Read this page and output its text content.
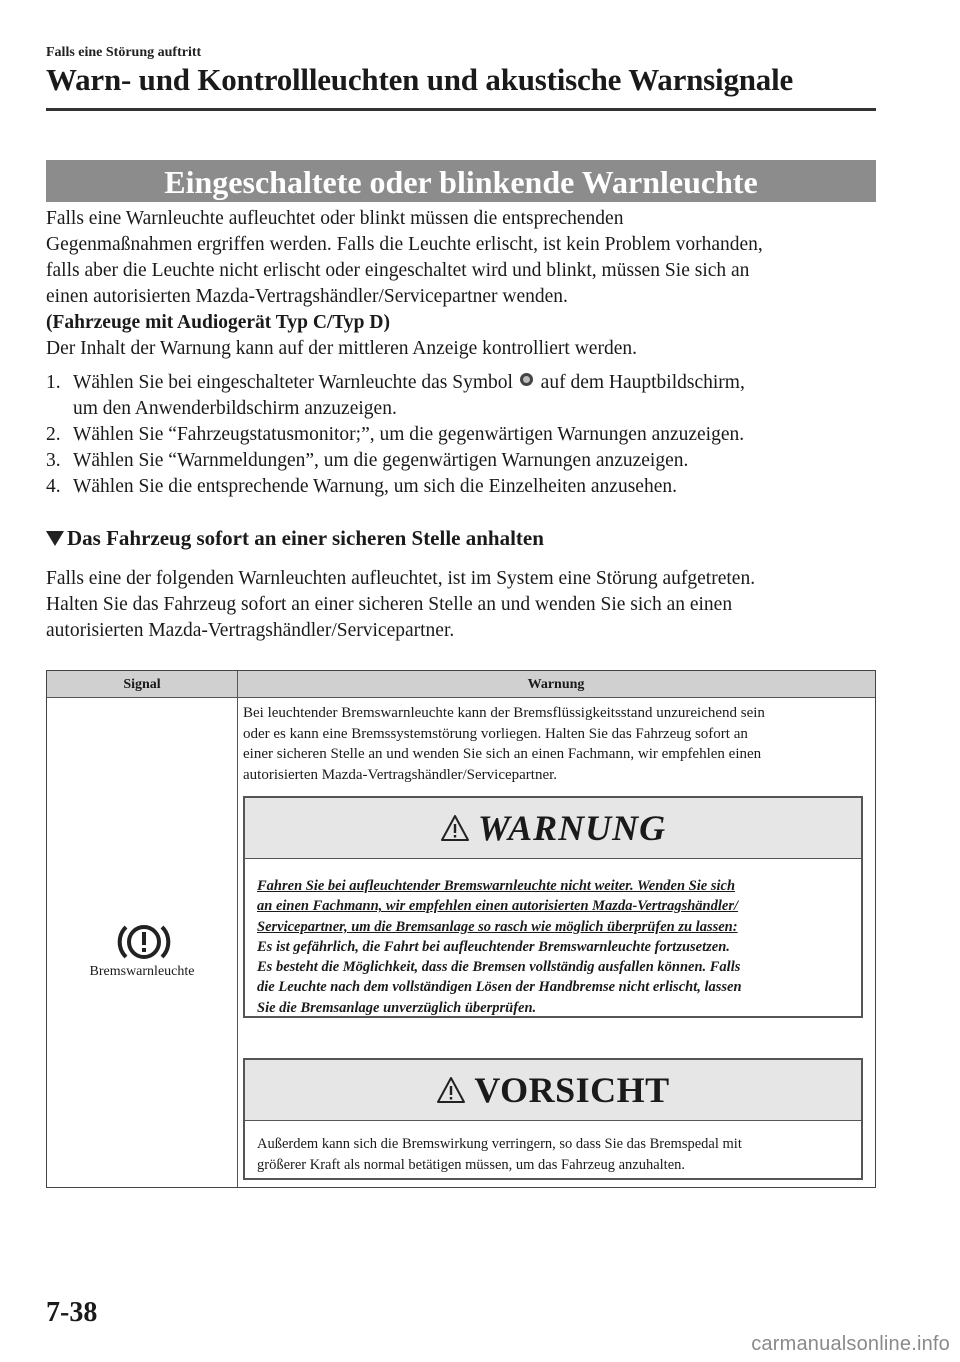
Falls eine Störung auftritt
Warn- und Kontrollleuchten und akustische Warnsignale
Eingeschaltete oder blinkende Warnleuchte

Falls eine Warnleuchte aufleuchtet oder blinkt müssen die entsprechenden

Gegenmaßnahmen ergriffen werden. Falls die Leuchte erlischt, ist kein Problem vorhanden,

falls aber die Leuchte nicht erlischt oder eingeschaltet wird und blinkt, müssen Sie sich an

einen autorisierten Mazda-Vertragshändler/Servicepartner wenden.

(Fahrzeuge mit Audiogerät Typ C/Typ D)

Der Inhalt der Warnung kann auf der mittleren Anzeige kontrolliert werden.

1. Wählen Sie bei eingeschalteter Warnleuchte das Symbol  auf dem Hauptbildschirm,
um den Anwenderbildschirm anzuzeigen.
2. Wählen Sie “Fahrzeugstatusmonitor;”, um die gegenwärtigen Warnungen anzuzeigen.
3. Wählen Sie “Warnmeldungen”, um die gegenwärtigen Warnungen anzuzeigen.
4. Wählen Sie die entsprechende Warnung, um sich die Einzelheiten anzusehen.
Das Fahrzeug sofort an einer sicheren Stelle anhalten

Falls eine der folgenden Warnleuchten aufleuchtet, ist im System eine Störung aufgetreten.

Halten Sie das Fahrzeug sofort an einer sicheren Stelle an und wenden Sie sich an einen

autorisierten Mazda-Vertragshändler/Servicepartner.

Signal	Warnung
Bremswarnleuchte
Bei leuchtender Bremswarnleuchte kann der Bremsflüssigkeitsstand unzureichend sein
oder es kann eine Bremssystemstörung vorliegen. Halten Sie das Fahrzeug sofort an
einer sicheren Stelle an und wenden Sie sich an einen Fachmann, wir empfehlen einen
autorisierten Mazda-Vertragshändler/Servicepartner.
WARNUNG
Fahren Sie bei aufleuchtender Bremswarnleuchte nicht weiter. Wenden Sie sich
an einen Fachmann, wir empfehlen einen autorisierten Mazda-Vertragshändler/
Servicepartner, um die Bremsanlage so rasch wie möglich überprüfen zu lassen:
Es ist gefährlich, die Fahrt bei aufleuchtender Bremswarnleuchte fortzusetzen.
Es besteht die Möglichkeit, dass die Bremsen vollständig ausfallen können. Falls
die Leuchte nach dem vollständigen Lösen der Handbremse nicht erlischt, lassen
Sie die Bremsanlage unverzüglich überprüfen.
VORSICHT
Außerdem kann sich die Bremswirkung verringern, so dass Sie das Bremspedal mit
größerer Kraft als normal betätigen müssen, um das Fahrzeug anzuhalten.
7-38
carmanualsonline.info
